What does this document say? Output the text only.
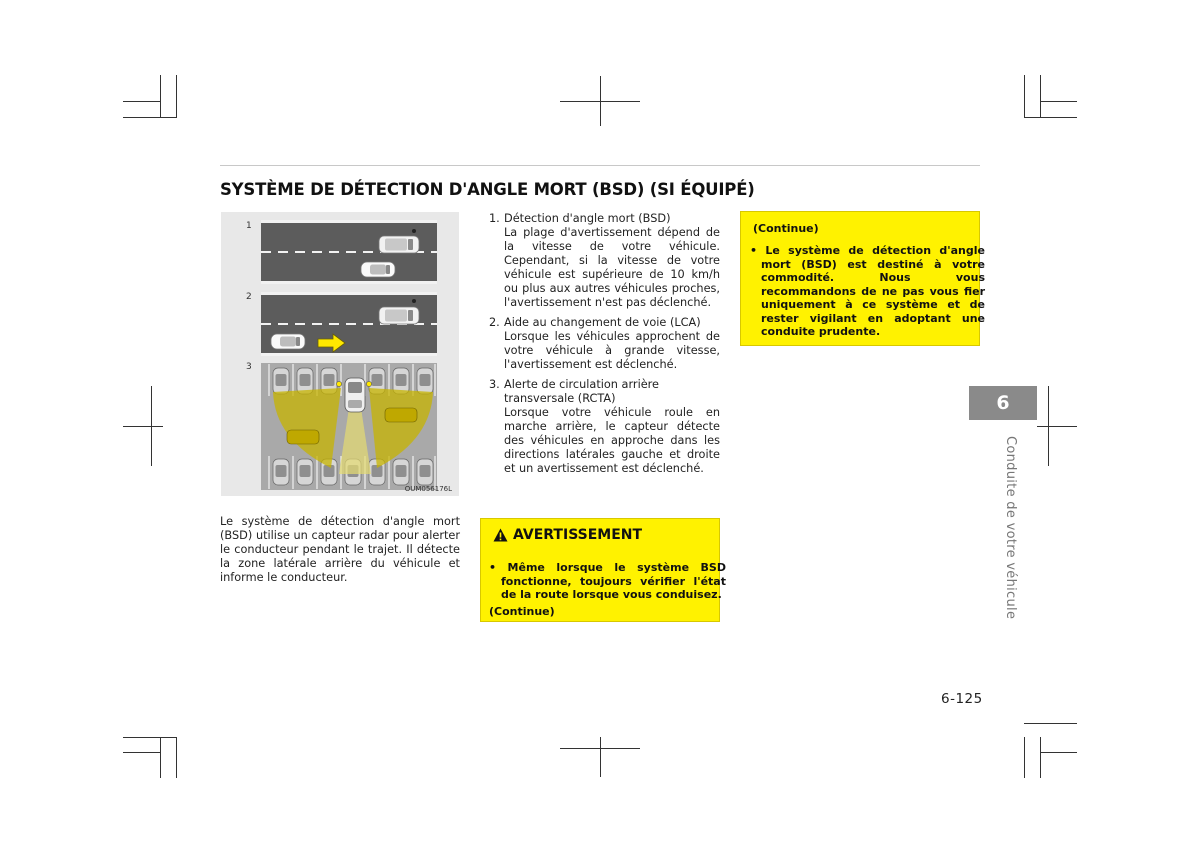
SYSTÈME DE DÉTECTION D'ANGLE MORT (BSD) (SI ÉQUIPÉ)
1
2
3
OUM056176L

Le système de détection d'angle mort (BSD) utilise un capteur radar pour alerter le conducteur pendant le trajet. Il détecte la zone latérale arrière du véhicule et informe le conducteur.

1. Détection d'angle mort (BSD)
La plage d'avertissement dépend de la vitesse de votre véhicule. Cependant, si la vitesse de votre véhicule est supérieure de 10 km/h ou plus aux autres véhicules proches, l'avertissement n'est pas déclenché.
2. Aide au changement de voie (LCA)
Lorsque les véhicules approchent de votre véhicule à grande vitesse, l'avertissement est déclenché.
3. Alerte de circulation arrière transversale (RCTA)
Lorsque votre véhicule roule en marche arrière, le capteur détecte des véhicules en approche dans les directions latérales gauche et droite et un avertissement est déclenché.
AVERTISSEMENT

• Même lorsque le système BSD fonctionne, toujours vérifier l'état de la route lorsque vous conduisez.

(Continue)
(Continue)

• Le système de détection d'angle mort (BSD) est destiné à votre commodité. Nous vous recommandons de ne pas vous fier uniquement à ce système et de rester vigilant en adoptant une conduite prudente.

6
Conduite de votre véhicule
6-125
